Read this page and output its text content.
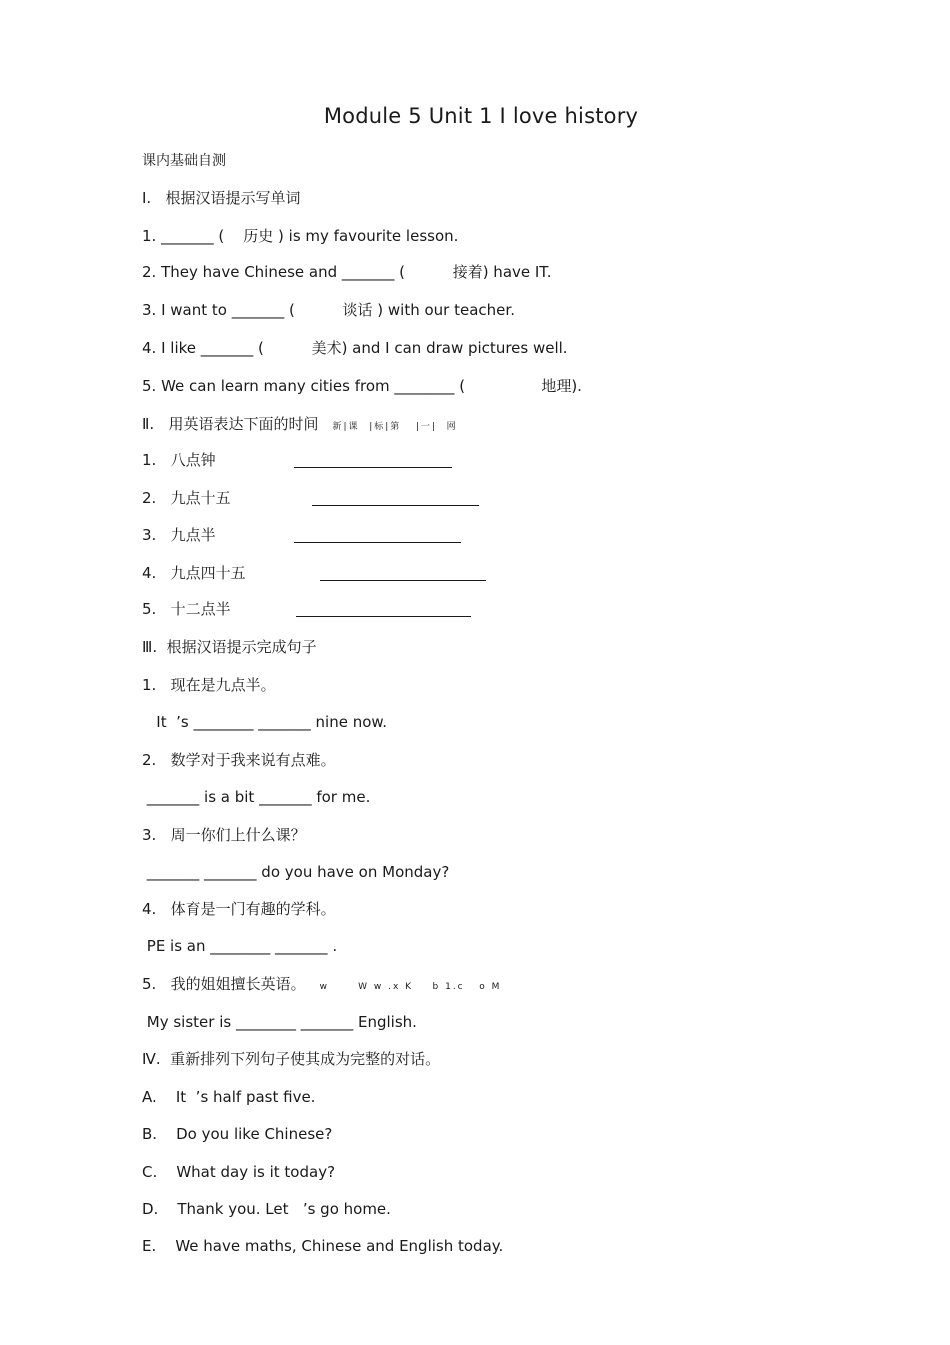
Module 5 Unit 1 I love history
课内基础自测
I.   根据汉语提示写单词
1. _______ (    历史 ) is my favourite lesson.
2. They have Chinese and _______ (          接着) have IT.
3. I want to _______ (          谈话 ) with our teacher.
4. I like _______ (          美术) and I can draw pictures well.
5. We can learn many cities from ________ (                地理).
Ⅱ.   用英语表达下面的时间 新|课  |标|第   |一|  网
1.   八点钟
2.   九点十五
3.   九点半
4.   九点四十五
5.   十二点半
Ⅲ.  根据汉语提示完成句子
1.   现在是九点半。
It  ’s ________ _______ nine now.
2.   数学对于我来说有点难。
_______ is a bit _______ for me.
3.   周一你们上什么课？
_______ _______ do you have on Monday?
4.   体育是一门有趣的学科。
PE is an ________ _______ .
5.   我的姐姐擅长英语。 w      W w .x K    b 1.c   o M
My sister is ________ _______ English.
Ⅳ.  重新排列下列句子使其成为完整的对话。
A.    It  ’s half past five.
B.    Do you like Chinese?
C.    What day is it today?
D.    Thank you. Let   ’s go home.
E.    We have maths, Chinese and English today.
